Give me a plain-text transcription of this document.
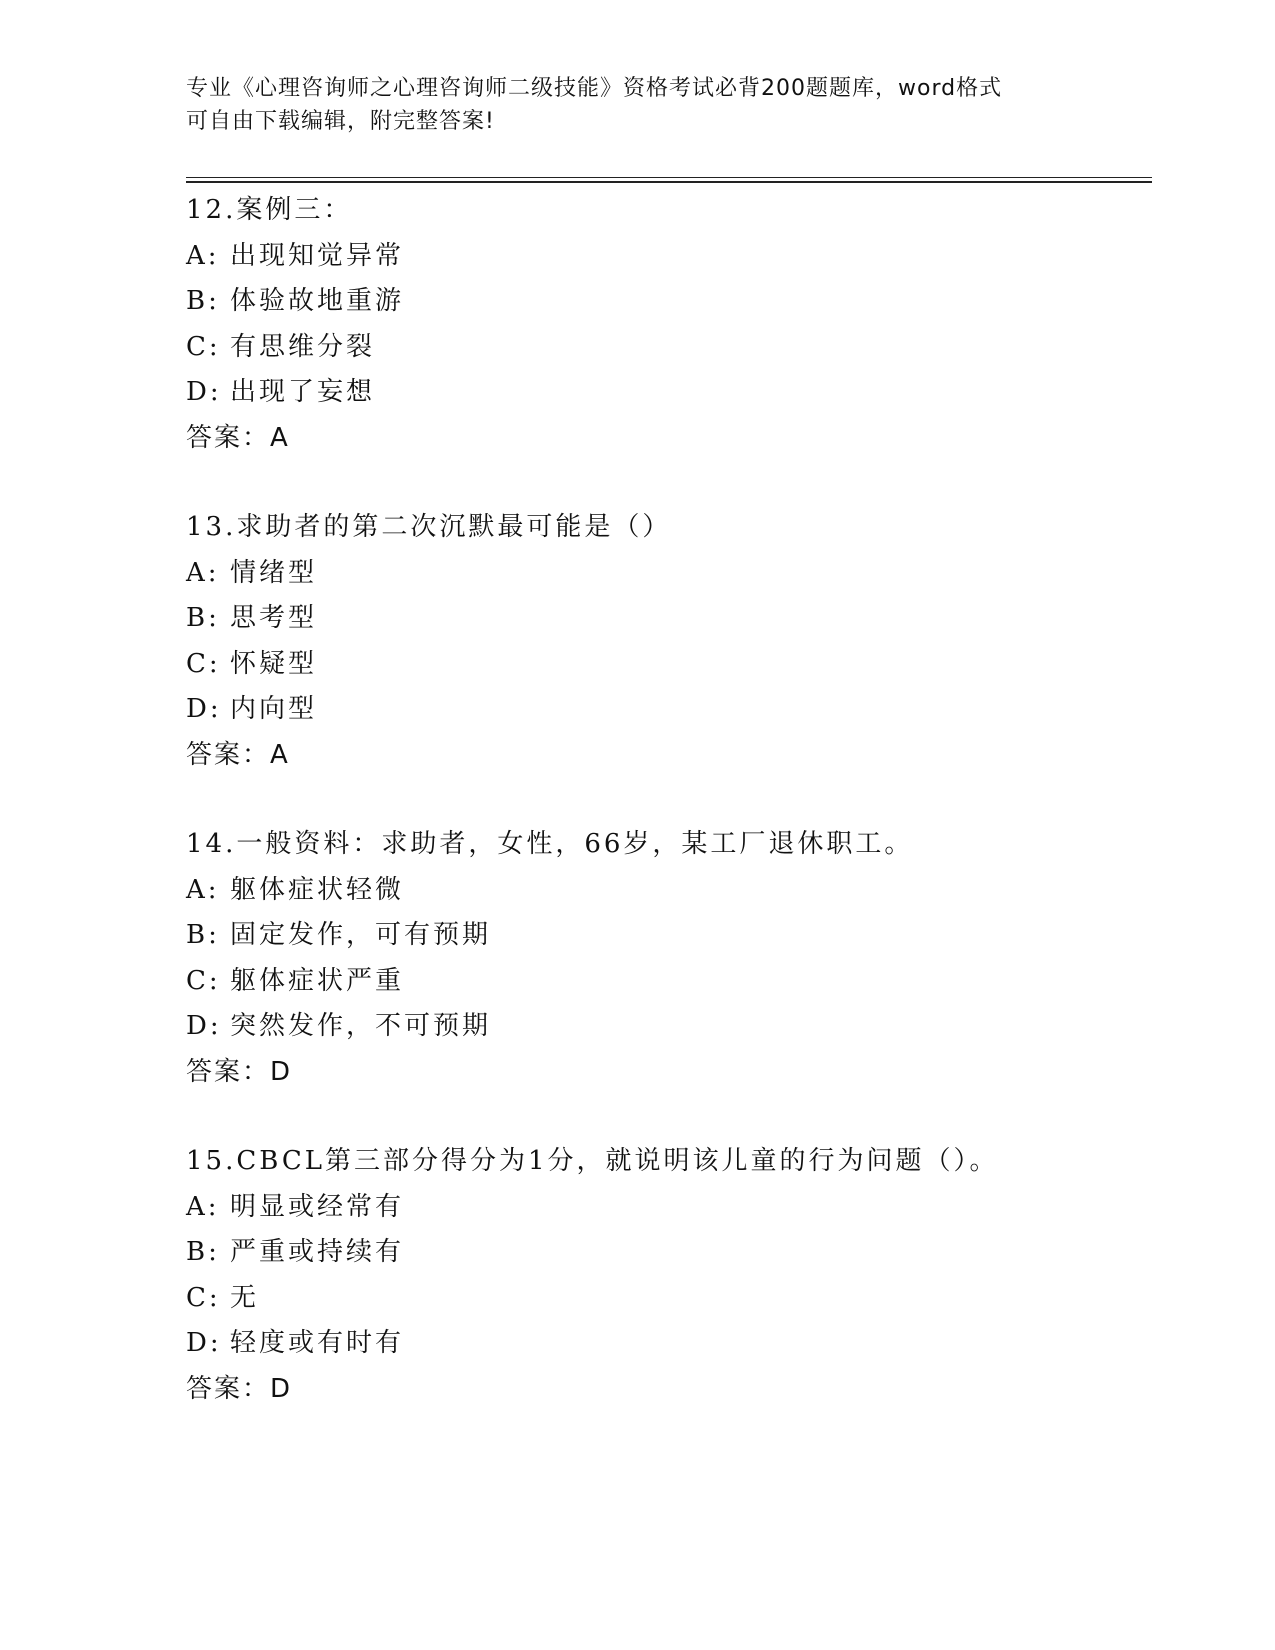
专业《心理咨询师之心理咨询师二级技能》资格考试必背200题题库，word格式
可自由下载编辑，附完整答案!
12.案例三：
A: 出现知觉异常
B: 体验故地重游
C: 有思维分裂
D: 出现了妄想
答案：A
13.求助者的第二次沉默最可能是（）
A: 情绪型
B: 思考型
C: 怀疑型
D: 内向型
答案：A
14.一般资料：求助者，女性，66岁，某工厂退休职工。
A: 躯体症状轻微
B: 固定发作，可有预期
C: 躯体症状严重
D: 突然发作，不可预期
答案：D
15.CBCL第三部分得分为1分，就说明该儿童的行为问题（）。
A: 明显或经常有
B: 严重或持续有
C: 无
D: 轻度或有时有
答案：D
